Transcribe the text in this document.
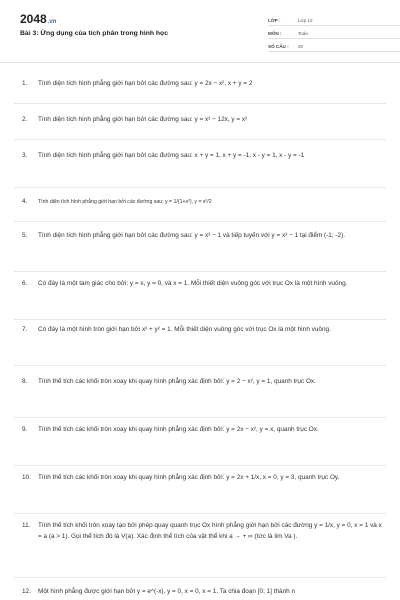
2048.vn
Bài 3: Ứng dụng của tích phân trong hình học
LỚP :	Lớp 12
MÔN :	Toán
SỐ CÂU :	20
1. Tính diện tích hình phẳng giới hạn bởi các đường sau: y = 2x − x², x + y = 2
2. Tính diện tích hình phẳng giới hạn bởi các đường sau: y = x³ − 12x, y = x²
3. Tính diện tích hình phẳng giới hạn bởi các đường sau: x + y = 1, x + y = -1, x - y = 1, x - y = -1
4. Tính diện tích hình phẳng giới hạn bởi các đường sau: y = 1/(1+x²), y = x²/2
5. Tính diện tích hình phẳng giới hạn bởi các đường sau: y = x³ − 1 và tiếp tuyến với y = x³ − 1 tại điểm (-1; -2).
6. Có đáy là một tam giác cho bởi: y = x, y = 0, và x = 1. Mỗi thiết diện vuông góc với trục Ox là một hình vuông.
7. Có đáy là một hình tròn giới hạn bởi x² + y² = 1. Mỗi thiết diện vuông góc với trục Ox là một hình vuông.
8. Tính thể tích các khối tròn xoay khi quay hình phẳng xác định bởi: y = 2 − x², y = 1, quanh trục Ox.
9. Tính thể tích các khối tròn xoay khi quay hình phẳng xác định bởi: y = 2x − x², y = x, quanh trục Ox.
10. Tính thể tích các khối tròn xoay khi quay hình phẳng xác định bởi: y = 2x + 1/x, x = 0, y = 3, quanh trục Oy.
11. Tính thể tích khối tròn xoay tạo bởi phép quay quanh trục Ox hình phẳng giới hạn bởi các đường y = 1/x, y = 0, x = 1 và x = a (a > 1). Gọi thể tích đó là V(a). Xác định thể tích của vật thể khi a → + ∞ (tức là lim Va ).
12. Một hình phẳng được giới hạn bởi y = e^(-x), y = 0, x = 0, x = 1. Ta chia đoạn [0; 1] thành n
